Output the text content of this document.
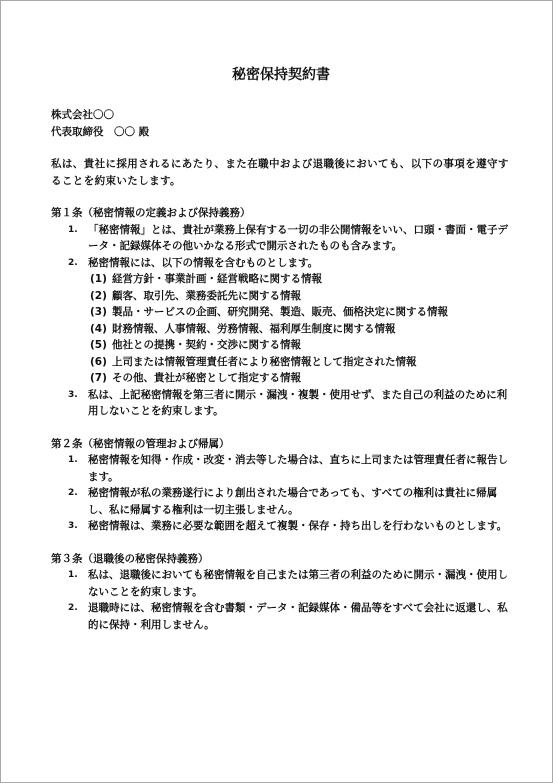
秘密保持契約書
株式会社〇〇
代表取締役　〇〇 殿
私は、貴社に採用されるにあたり、また在職中および退職後においても、以下の事項を遵守することを約束いたします。
第１条（秘密情報の定義および保持義務）
1. 「秘密情報」とは、貴社が業務上保有する一切の非公開情報をいい、口頭・書面・電子データ・記録媒体その他いかなる形式で開示されたものも含みます。
2. 秘密情報には、以下の情報を含むものとします。
(1) 経営方針・事業計画・経営戦略に関する情報
(2) 顧客、取引先、業務委託先に関する情報
(3) 製品・サービスの企画、研究開発、製造、販売、価格決定に関する情報
(4) 財務情報、人事情報、労務情報、福利厚生制度に関する情報
(5) 他社との提携・契約・交渉に関する情報
(6) 上司または情報管理責任者により秘密情報として指定された情報
(7) その他、貴社が秘密として指定する情報
3. 私は、上記秘密情報を第三者に開示・漏洩・複製・使用せず、また自己の利益のために利用しないことを約束します。
第２条（秘密情報の管理および帰属）
1. 秘密情報を知得・作成・改変・消去等した場合は、直ちに上司または管理責任者に報告します。
2. 秘密情報が私の業務遂行により創出された場合であっても、すべての権利は貴社に帰属し、私に帰属する権利は一切主張しません。
3. 秘密情報は、業務に必要な範囲を超えて複製・保存・持ち出しを行わないものとします。
第３条（退職後の秘密保持義務）
1. 私は、退職後においても秘密情報を自己または第三者の利益のために開示・漏洩・使用しないことを約束します。
2. 退職時には、秘密情報を含む書類・データ・記録媒体・備品等をすべて会社に返還し、私的に保持・利用しません。
